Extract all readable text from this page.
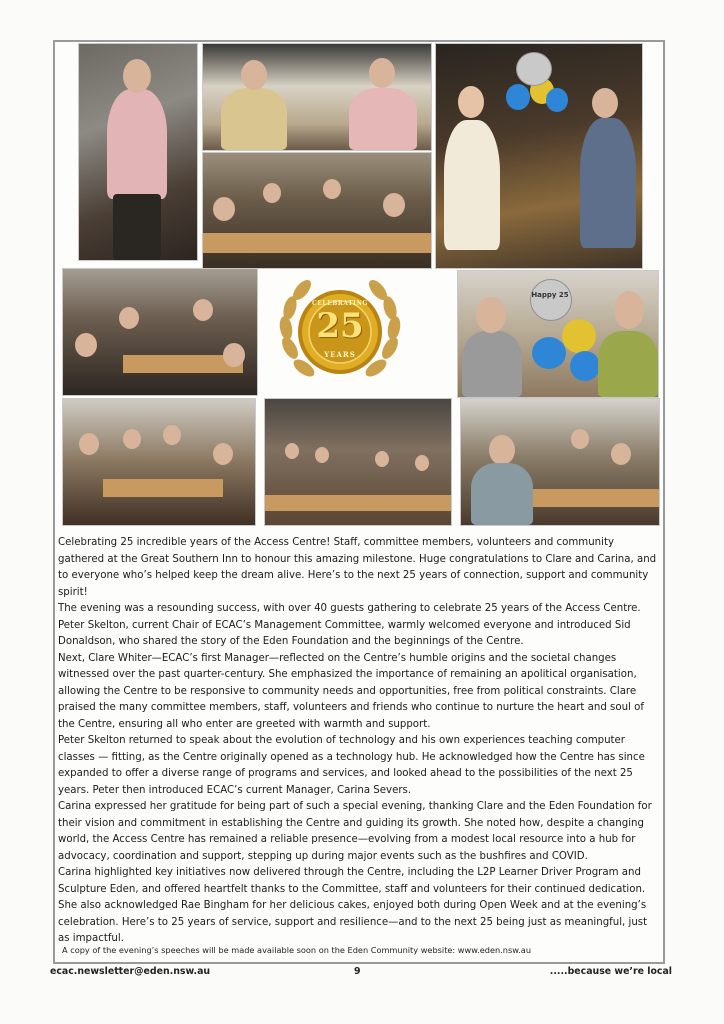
CELEBRATING
25
YEARS
Happy 25

Celebrating 25 incredible years of the Access Centre! Staff, committee members, volunteers and community gathered at the Great Southern Inn to honour this amazing milestone. Huge congratulations to Clare and Carina, and to everyone who’s helped keep the dream alive. Here’s to the next 25 years of connection, support and community spirit!

The evening was a resounding success, with over 40 guests gathering to celebrate 25 years of the Access Centre. Peter Skelton, current Chair of ECAC’s Management Committee, warmly welcomed everyone and introduced Sid Donaldson, who shared the story of the Eden Foundation and the beginnings of the Centre.

Next, Clare Whiter—ECAC’s first Manager—reflected on the Centre’s humble origins and the societal changes witnessed over the past quarter-century. She emphasized the importance of remaining an apolitical organisation, allowing the Centre to be responsive to community needs and opportunities, free from political constraints. Clare praised the many committee members, staff, volunteers and friends who continue to nurture the heart and soul of the Centre, ensuring all who enter are greeted with warmth and support.

Peter Skelton returned to speak about the evolution of technology and his own experiences teaching computer classes — fitting, as the Centre originally opened as a technology hub. He acknowledged how the Centre has since expanded to offer a diverse range of programs and services, and looked ahead to the possibilities of the next 25 years. Peter then introduced ECAC’s current Manager, Carina Severs.

Carina expressed her gratitude for being part of such a special evening, thanking Clare and the Eden Foundation for their vision and commitment in establishing the Centre and guiding its growth. She noted how, despite a changing world, the Access Centre has remained a reliable presence—evolving from a modest local resource into a hub for advocacy, coordination and support, stepping up during major events such as the bushfires and COVID.

Carina highlighted key initiatives now delivered through the Centre, including the L2P Learner Driver Program and Sculpture Eden, and offered heartfelt thanks to the Committee, staff and volunteers for their continued dedication.

She also acknowledged Rae Bingham for her delicious cakes, enjoyed both during Open Week and at the evening’s celebration. Here’s to 25 years of service, support and resilience—and to the next 25 being just as meaningful, just as impactful.

A copy of the evening’s speeches will be made available soon on the Eden Community website: www.eden.nsw.au
ecac.newsletter@eden.nsw.au	9	.....because we’re local
